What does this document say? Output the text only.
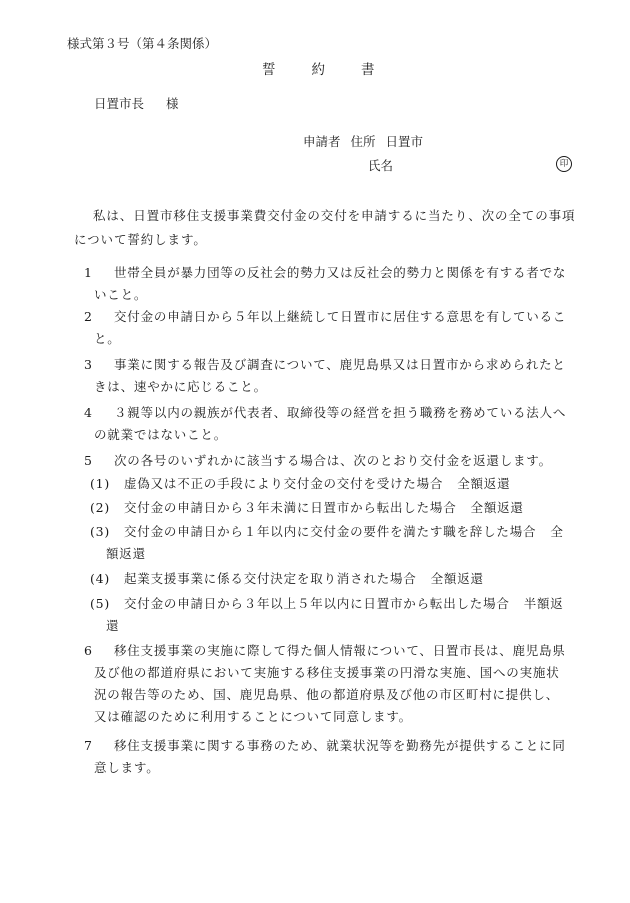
様式第３号（第４条関係）
誓約書
日置市長 様
申請者 住所 日置市
氏名	印
私は、日置市移住支援事業費交付金の交付を申請するに当たり、次の全ての事項について誓約します。
1 世帯全員が暴力団等の反社会的勢力又は反社会的勢力と関係を有する者でな
いこと。
2 交付金の申請日から５年以上継続して日置市に居住する意思を有しているこ
と。
3 事業に関する報告及び調査について、鹿児島県又は日置市から求められたと
きは、速やかに応じること。
4 ３親等以内の親族が代表者、取締役等の経営を担う職務を務めている法人へ
の就業ではないこと。
5 次の各号のいずれかに該当する場合は、次のとおり交付金を返還します。
(1) 虚偽又は不正の手段により交付金の交付を受けた場合 全額返還
(2) 交付金の申請日から３年未満に日置市から転出した場合 全額返還
(3) 交付金の申請日から１年以内に交付金の要件を満たす職を辞した場合 全
額返還
(4) 起業支援事業に係る交付決定を取り消された場合 全額返還
(5) 交付金の申請日から３年以上５年以内に日置市から転出した場合 半額返
還
6 移住支援事業の実施に際して得た個人情報について、日置市長は、鹿児島県
及び他の都道府県において実施する移住支援事業の円滑な実施、国への実施状
況の報告等のため、国、鹿児島県、他の都道府県及び他の市区町村に提供し、
又は確認のために利用することについて同意します。
7 移住支援事業に関する事務のため、就業状況等を勤務先が提供することに同
意します。
